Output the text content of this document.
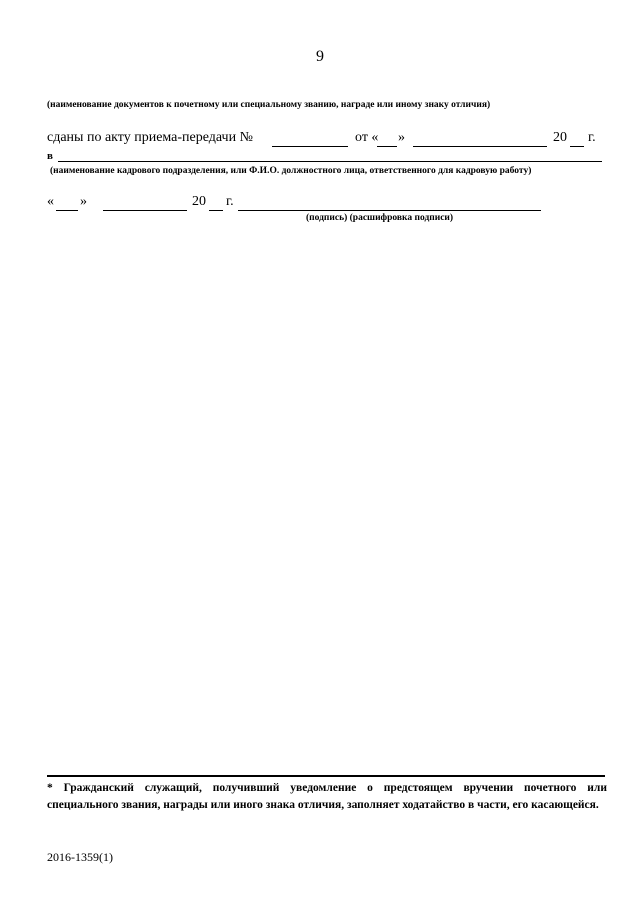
9
(наименование документов к почетному или специальному званию, награде или иному знаку отличия)
сданы по акту приема-передачи №	от « »	20 г.
в
(наименование кадрового подразделения, или Ф.И.О. должностного лица, ответственного для кадровую работу)
« »	20 г.
(подпись) (расшифровка подписи)
* Гражданский служащий, получивший уведомление о предстоящем вручении почетного или специального звания, награды или иного знака отличия, заполняет ходатайство в части, его касающейся.
2016-1359(1)
